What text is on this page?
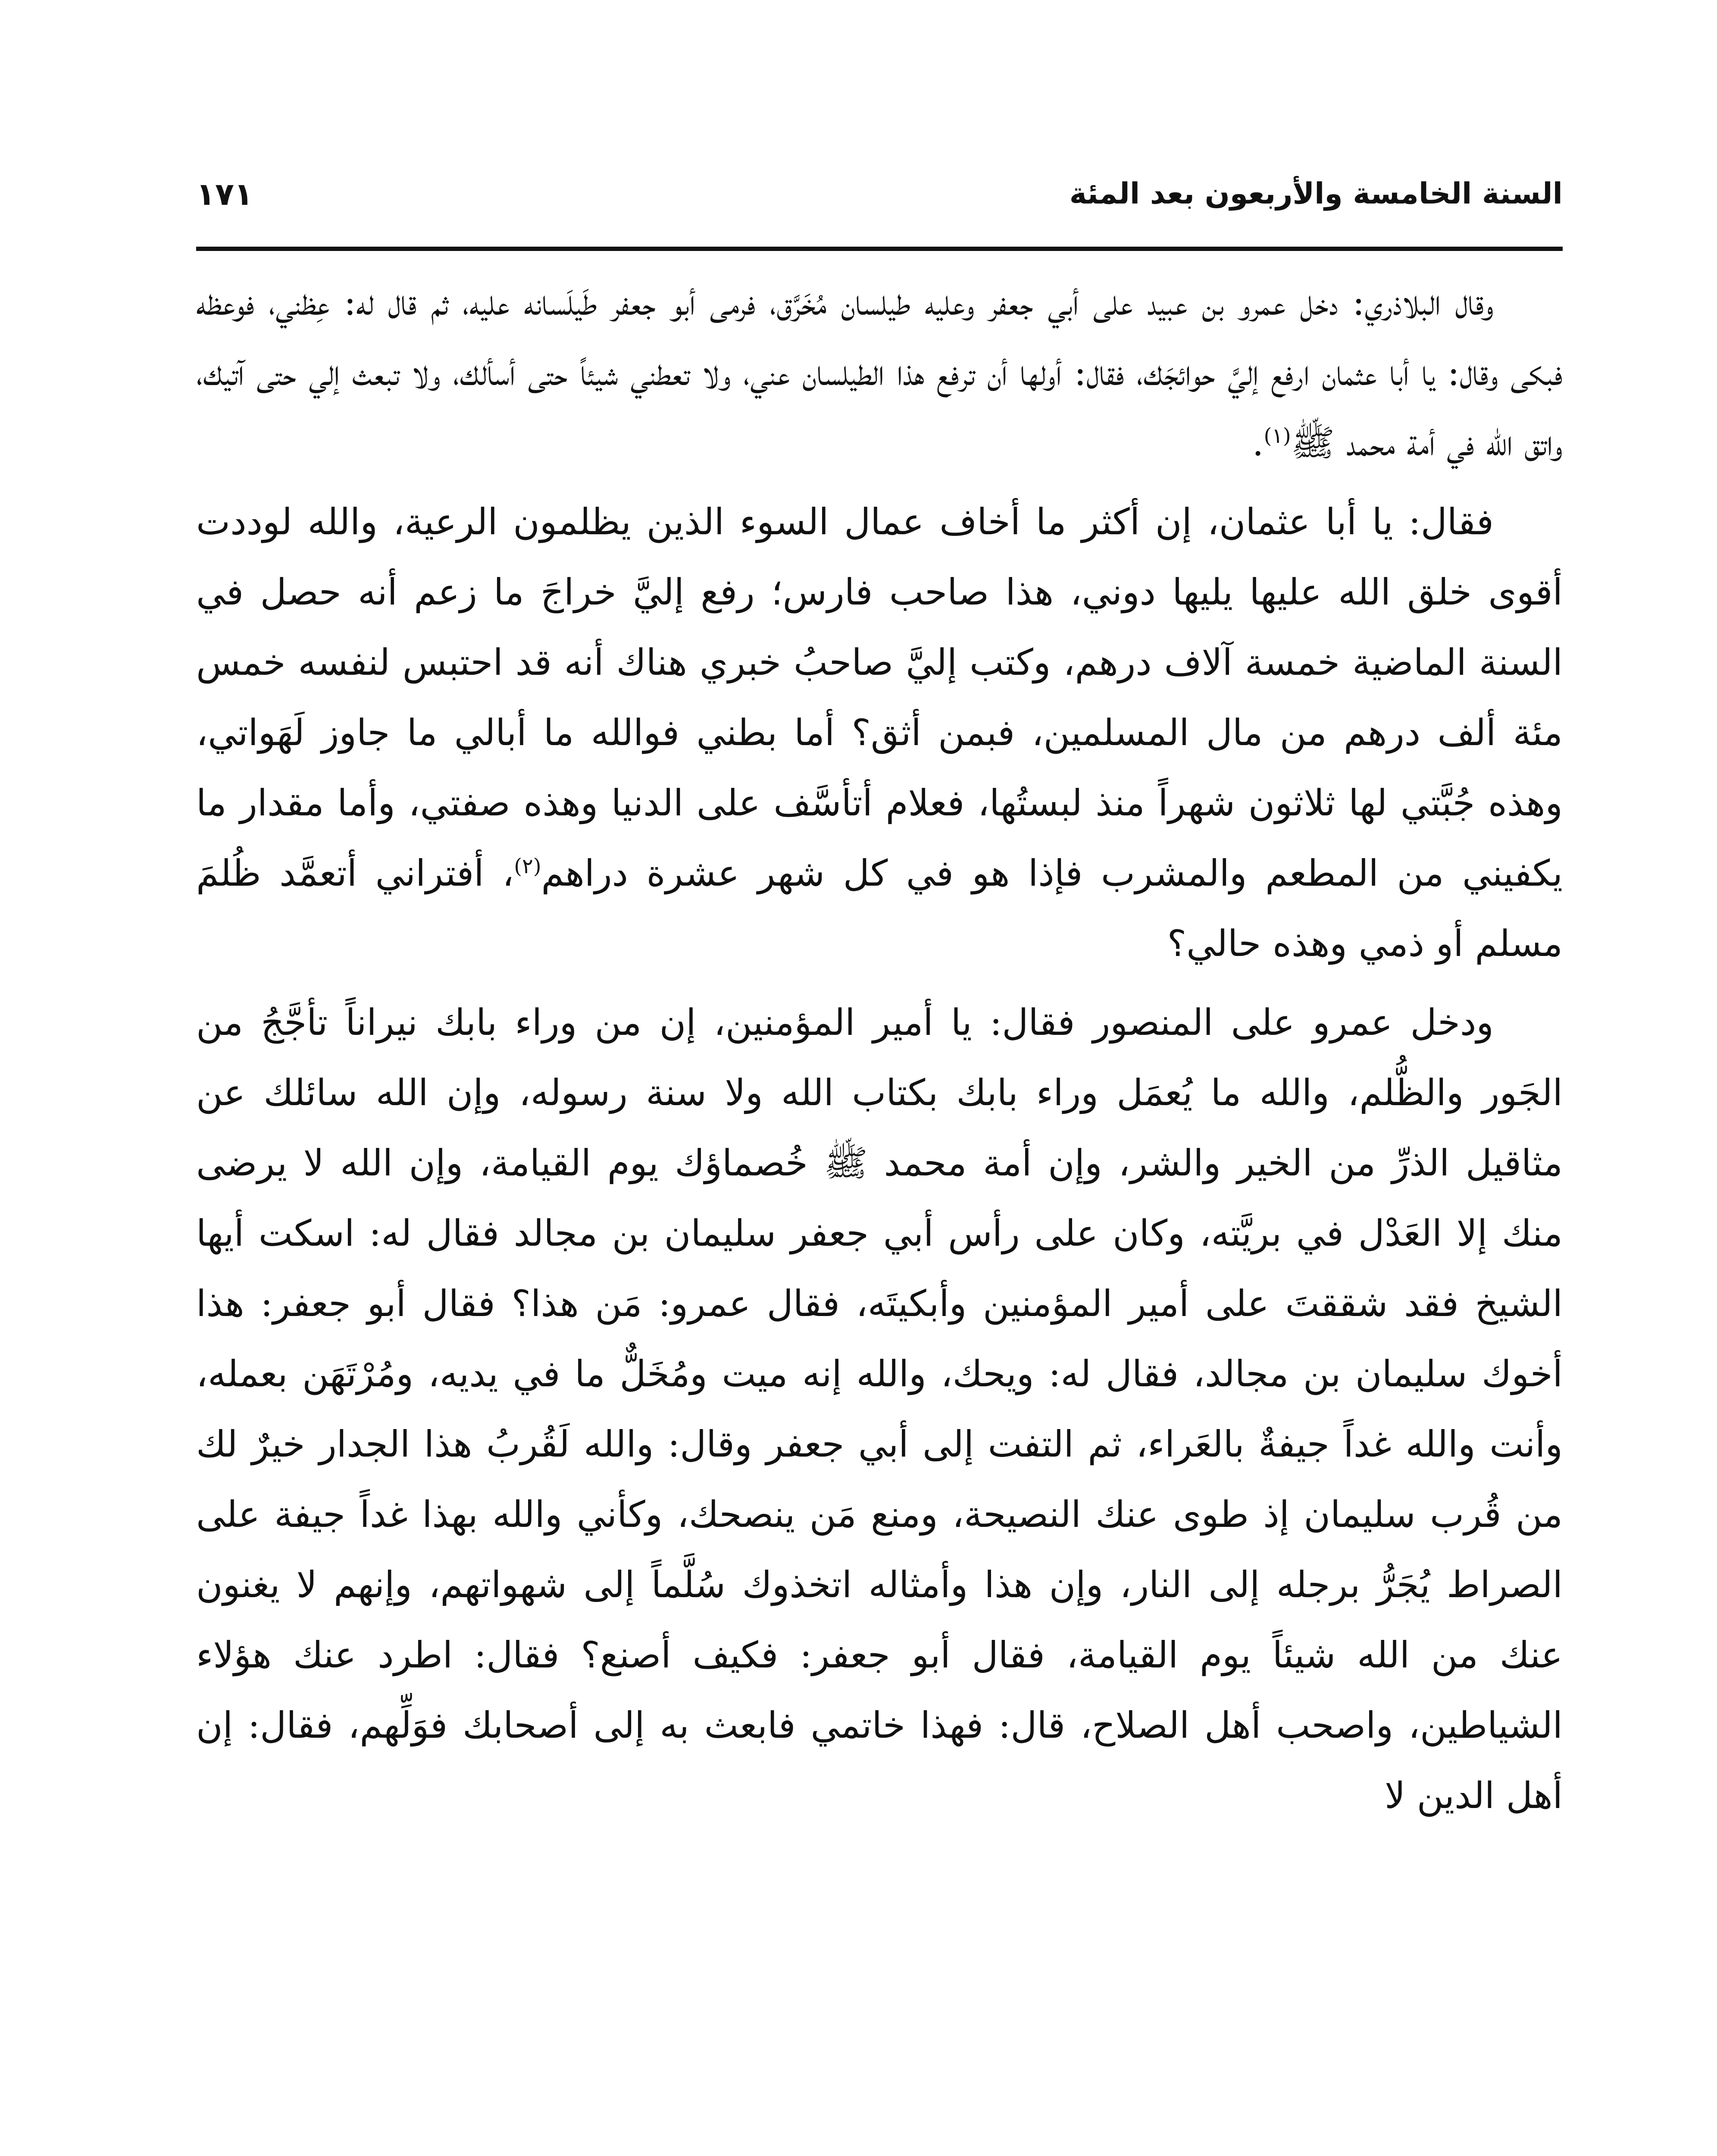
السنة الخامسة والأربعون بعد المئة
١٧١

وقال البلاذري: دخل عمرو بن عبيد على أبي جعفر وعليه طيلسان مُخَرَّق، فرمى أبو جعفر طَيلَسانه عليه، ثم قال له: عِظني، فوعظه فبكى وقال: يا أبا عثمان ارفع إليَّ حوائجَك، فقال: أولها أن ترفع هذا الطيلسان عني، ولا تعطني شيئاً حتى أسألك، ولا تبعث إلي حتى آتيك، واتق الله في أمة محمد ﷺ$^{(١)}$.

فقال: يا أبا عثمان، إن أكثر ما أخاف عمال السوء الذين يظلمون الرعية، والله لوددت أقوى خلق الله عليها يليها دوني، هذا صاحب فارس؛ رفع إليَّ خراجَ ما زعم أنه حصل في السنة الماضية خمسة آلاف درهم، وكتب إليَّ صاحبُ خبري هناك أنه قد احتبس لنفسه خمس مئة ألف درهم من مال المسلمين، فبمن أثق؟ أما بطني فوالله ما أبالي ما جاوز لَهَواتي، وهذه جُبَّتي لها ثلاثون شهراً منذ لبستُها، فعلام أتأسَّف على الدنيا وهذه صفتي، وأما مقدار ما يكفيني من المطعم والمشرب فإذا هو في كل شهر عشرة دراهم$^{(٢)}$، أفتراني أتعمَّد ظُلمَ مسلم أو ذمي وهذه حالي؟

ودخل عمرو على المنصور فقال: يا أمير المؤمنين، إن من وراء بابك نيراناً تأجَّجُ من الجَور والظُّلم، والله ما يُعمَل وراء بابك بكتاب الله ولا سنة رسوله، وإن الله سائلك عن مثاقيل الذرِّ من الخير والشر، وإن أمة محمد ﷺ خُصماؤك يوم القيامة، وإن الله لا يرضى منك إلا العَدْل في بريَّته، وكان على رأس أبي جعفر سليمان بن مجالد فقال له: اسكت أيها الشيخ فقد شققتَ على أمير المؤمنين وأبكيتَه، فقال عمرو: مَن هذا؟ فقال أبو جعفر: هذا أخوك سليمان بن مجالد، فقال له: ويحك، والله إنه ميت ومُخَلٌّ ما في يديه، ومُرْتَهَن بعمله، وأنت والله غداً جيفةٌ بالعَراء، ثم التفت إلى أبي جعفر وقال: والله لَقُربُ هذا الجدار خيرٌ لك من قُرب سليمان إذ طوى عنك النصيحة، ومنع مَن ينصحك، وكأني والله بهذا غداً جيفة على الصراط يُجَرُّ برجله إلى النار، وإن هذا وأمثاله اتخذوك سُلَّماً إلى شهواتهم، وإنهم لا يغنون عنك من الله شيئاً يوم القيامة، فقال أبو جعفر: فكيف أصنع؟ فقال: اطرد عنك هؤلاء الشياطين، واصحب أهل الصلاح، قال: فهذا خاتمي فابعث به إلى أصحابك فوَلِّهم، فقال: إن أهل الدين لا
